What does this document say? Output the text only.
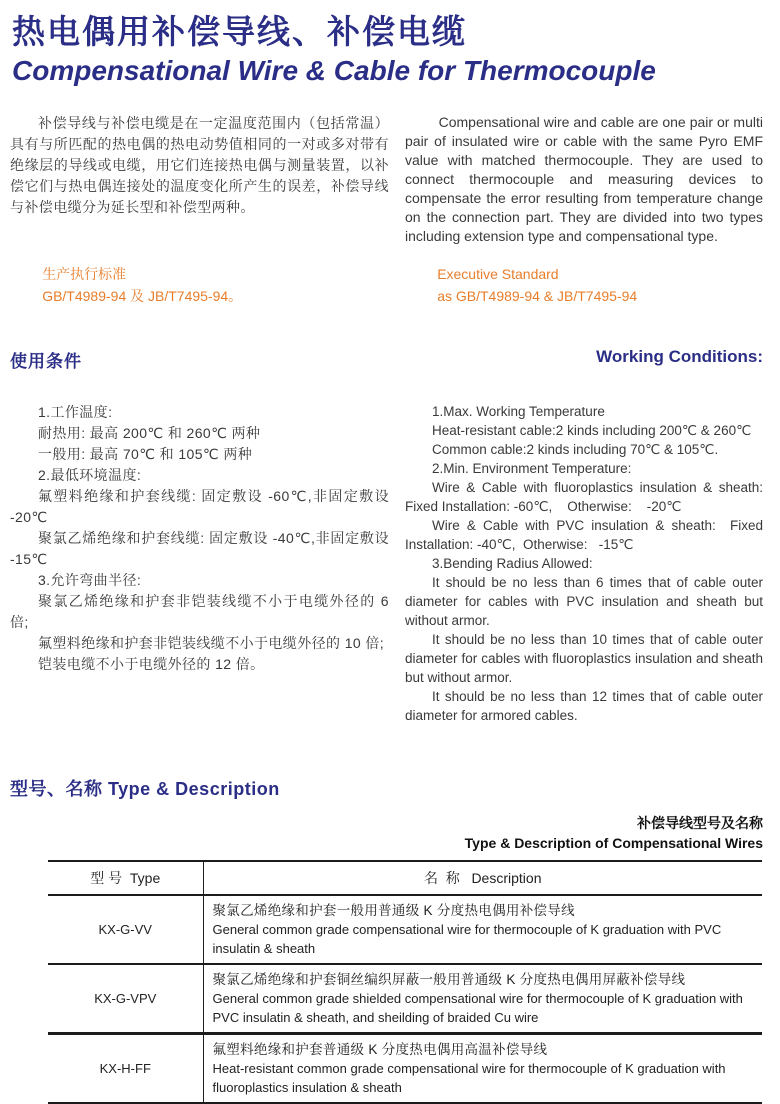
热电偶用补偿导线、补偿电缆
Compensational Wire & Cable for Thermocouple

补偿导线与补偿电缆是在一定温度范围内（包括常温）具有与所匹配的热电偶的热电动势值相同的一对或多对带有绝缘层的导线或电缆，用它们连接热电偶与测量装置，以补偿它们与热电偶连接处的温度变化所产生的误差，补偿导线与补偿电缆分为延长型和补偿型两种。

Compensational wire and cable are one pair or multi pair of insulated wire or cable with the same Pyro EMF value with matched thermocouple. They are used to connect thermocouple and measuring devices to compensate the error resulting from temperature change on the connection part. They are divided into two types including extension type and compensational type.

生产执行标准
GB/T4989-94 及 JB/T7495-94。
Executive Standard
as GB/T4989-94 & JB/T7495-94
使用条件	Working Conditions:

1.工作温度:

耐热用: 最高 200℃ 和 260℃ 两种

一般用: 最高 70℃ 和 105℃ 两种

2.最低环境温度:

氟塑料绝缘和护套线缆: 固定敷设 -60℃,非固定敷设 -20℃

聚氯乙烯绝缘和护套线缆: 固定敷设 -40℃,非固定敷设 -15℃

3.允许弯曲半径:

聚氯乙烯绝缘和护套非铠装线缆不小于电缆外径的 6 倍;

氟塑料绝缘和护套非铠装线缆不小于电缆外径的 10 倍;

铠装电缆不小于电缆外径的 12 倍。

1.Max. Working Temperature

Heat-resistant cable:2 kinds including 200℃ & 260℃

Common cable:2 kinds including 70℃ & 105℃.

2.Min. Environment Temperature:

Wire & Cable with fluoroplastics insulation & sheath: Fixed Installation: -60℃,    Otherwise:    -20℃

Wire & Cable with PVC insulation & sheath:  Fixed Installation: -40℃,  Otherwise:   -15℃

3.Bending Radius Allowed:

It should be no less than 6 times that of cable outer diameter for cables with PVC insulation and sheath but without armor.

It should be no less than 10 times that of cable outer diameter for cables with fluoroplastics insulation and sheath but without armor.

It should be no less than 12 times that of cable outer diameter for armored cables.

型号、名称 Type & Description
补偿导线型号及名称
Type & Description of Compensational Wires
型 号  Type	名  称   Description
KX-G-VV	聚氯乙烯绝缘和护套一般用普通级 K 分度热电偶用补偿导线
General common grade compensational wire for thermocouple of K graduation with PVC insulatin & sheath

KX-G-VPV	聚氯乙烯绝缘和护套铜丝编织屏蔽一般用普通级 K 分度热电偶用屏蔽补偿导线
General common grade shielded compensational wire for thermocouple of K graduation with PVC insulatin & sheath, and sheilding of braided Cu wire

KX-H-FF	氟塑料绝缘和护套普通级 K 分度热电偶用高温补偿导线
Heat-resistant common grade compensational wire for thermocouple of K graduation with fluoroplastics insulation & sheath
